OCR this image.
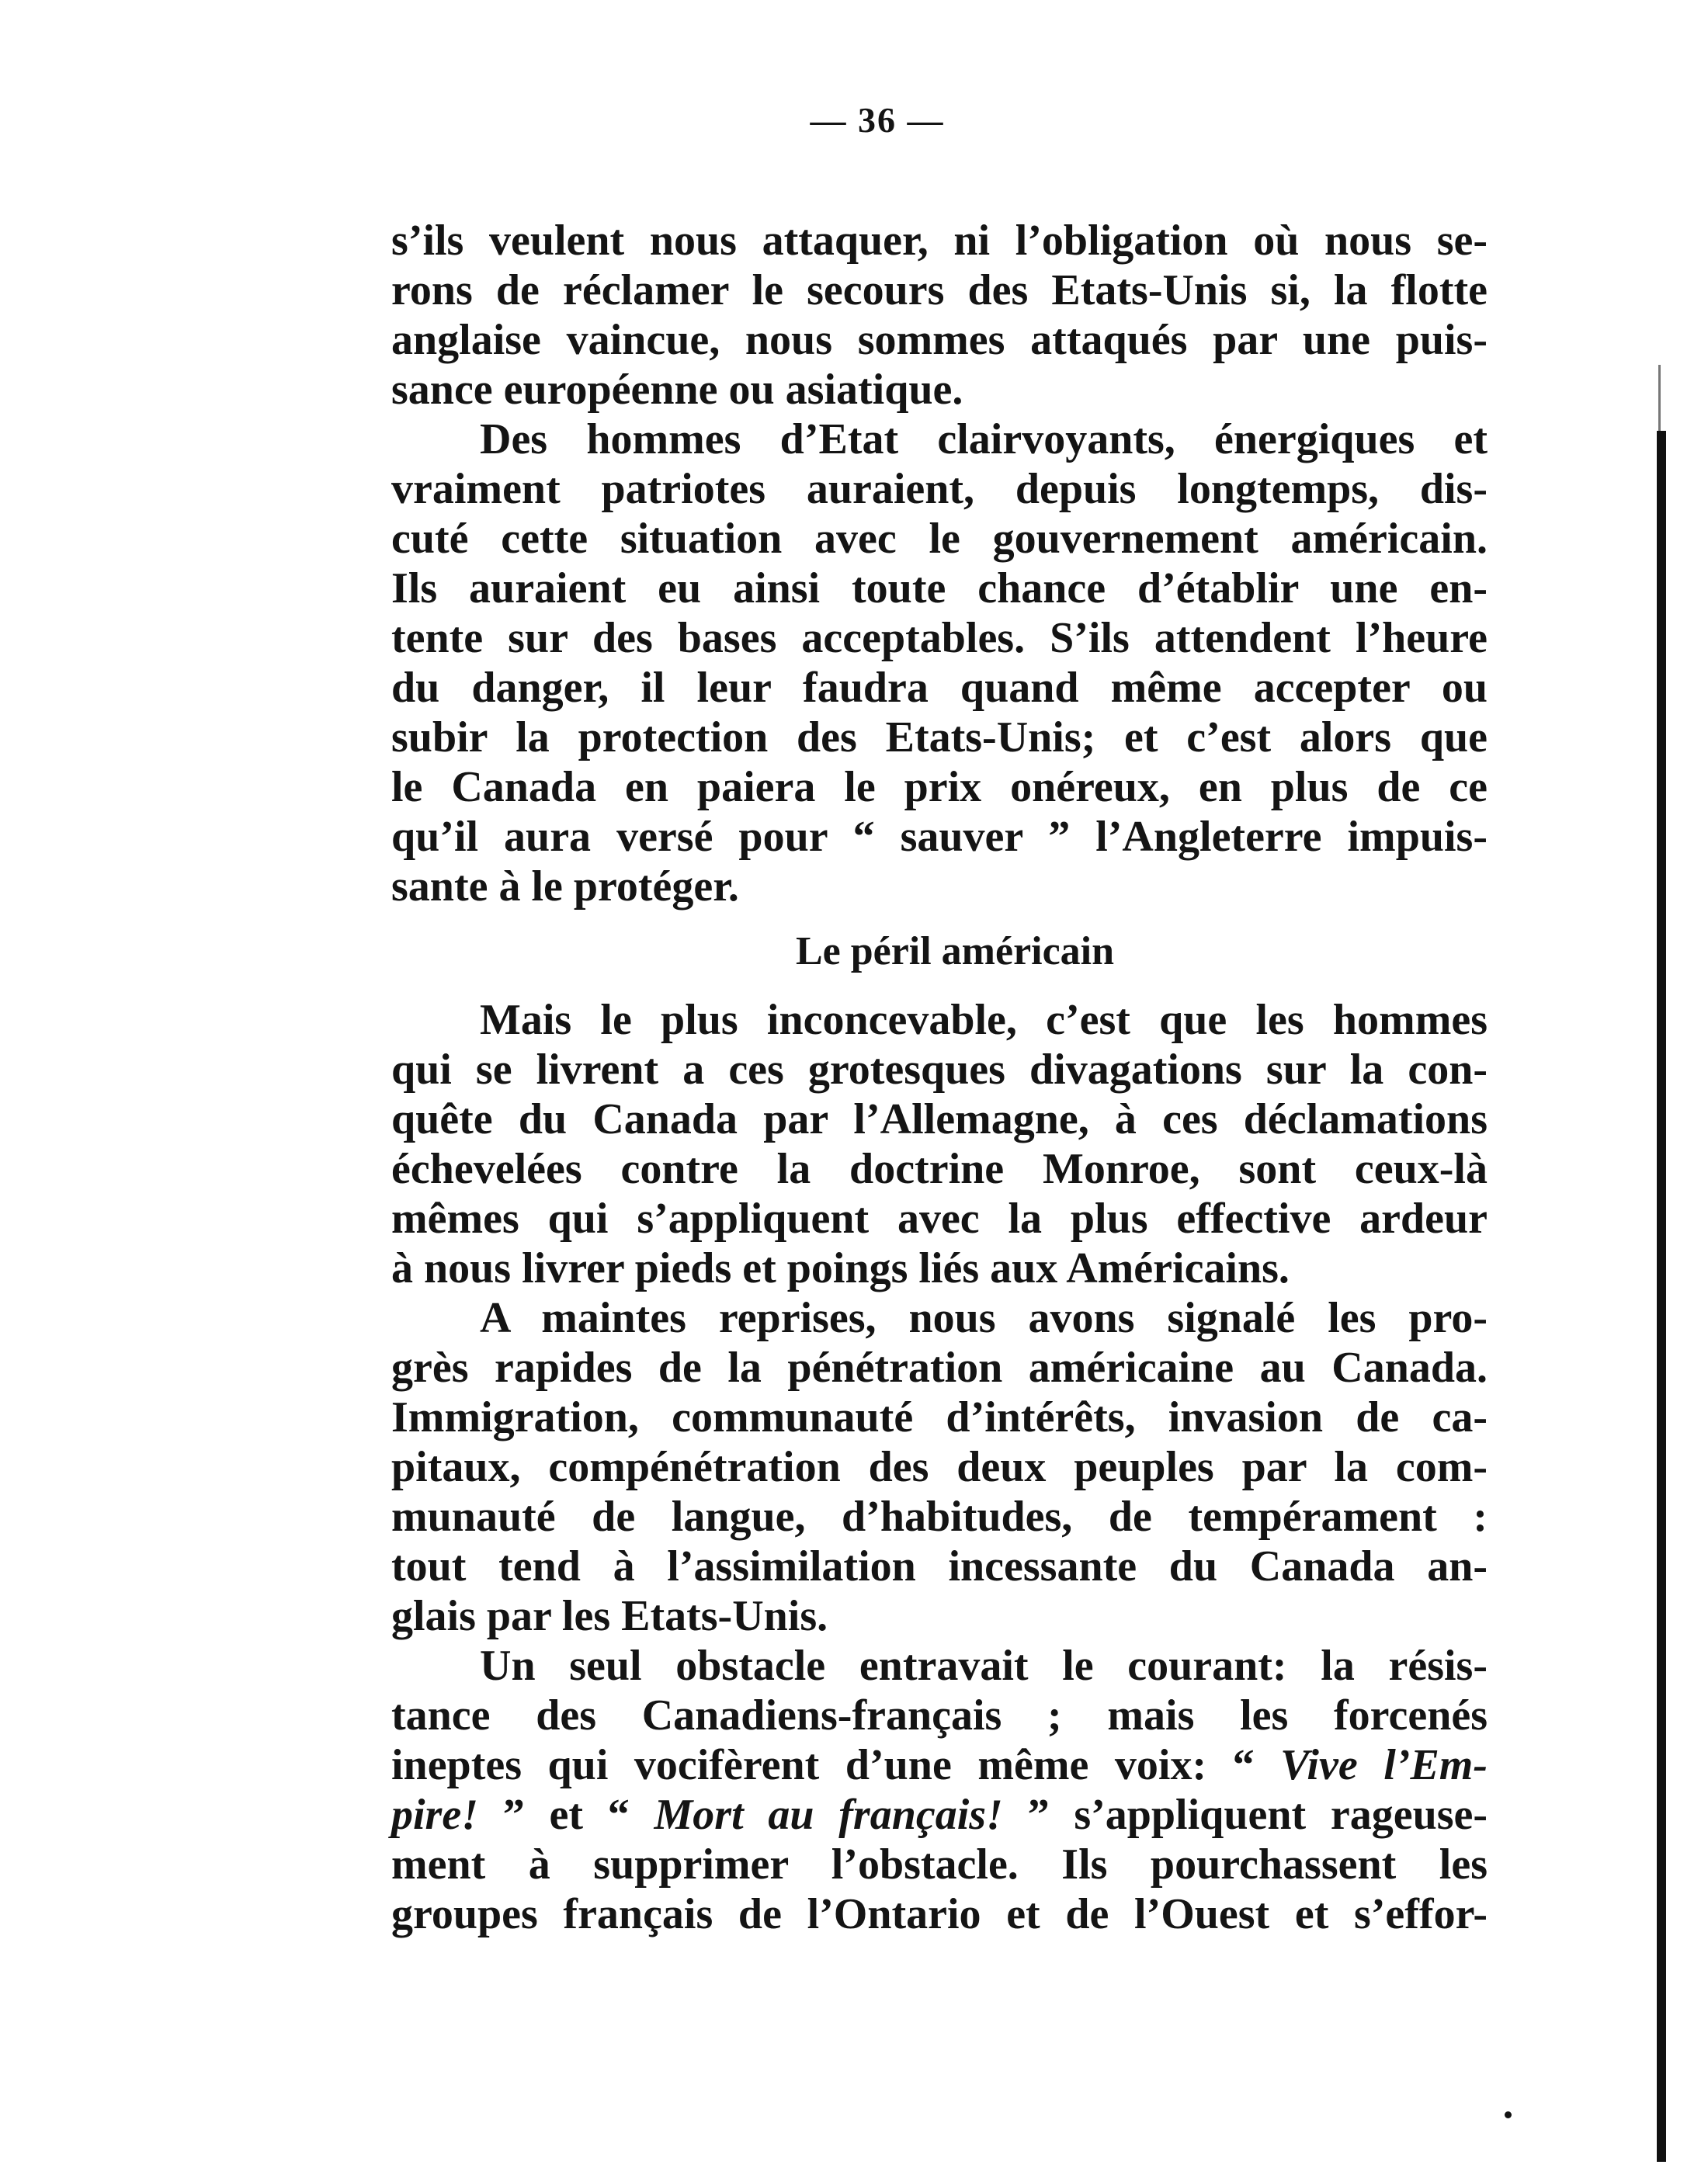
— 36 —
s’ils veulent nous attaquer, ni l’obligation où nous se-
rons de réclamer le secours des Etats-Unis si, la flotte
anglaise vaincue, nous sommes attaqués par une puis-
sance européenne ou asiatique.
Des hommes d’Etat clairvoyants, énergiques et
vraiment patriotes auraient, depuis longtemps, dis-
cuté cette situation avec le gouvernement américain.
Ils auraient eu ainsi toute chance d’établir une en-
tente sur des bases acceptables. S’ils attendent l’heure
du danger, il leur faudra quand même accepter ou
subir la protection des Etats-Unis; et c’est alors que
le Canada en paiera le prix onéreux, en plus de ce
qu’il aura versé pour “ sauver ” l’Angleterre impuis-
sante à le protéger.
Le péril américain
Mais le plus inconcevable, c’est que les hommes
qui se livrent a ces grotesques divagations sur la con-
quête du Canada par l’Allemagne, à ces déclamations
échevelées contre la doctrine Monroe, sont ceux-là
mêmes qui s’appliquent avec la plus effective ardeur
à nous livrer pieds et poings liés aux Américains.
A maintes reprises, nous avons signalé les pro-
grès rapides de la pénétration américaine au Canada.
Immigration, communauté d’intérêts, invasion de ca-
pitaux, compénétration des deux peuples par la com-
munauté de langue, d’habitudes, de tempérament :
tout tend à l’assimilation incessante du Canada an-
glais par les Etats-Unis.
Un seul obstacle entravait le courant: la résis-
tance des Canadiens-français ; mais les forcenés
ineptes qui vocifèrent d’une même voix: “ Vive l’Em-
pire! ” et “ Mort au français! ” s’appliquent rageuse-
ment à supprimer l’obstacle. Ils pourchassent les
groupes français de l’Ontario et de l’Ouest et s’effor-
